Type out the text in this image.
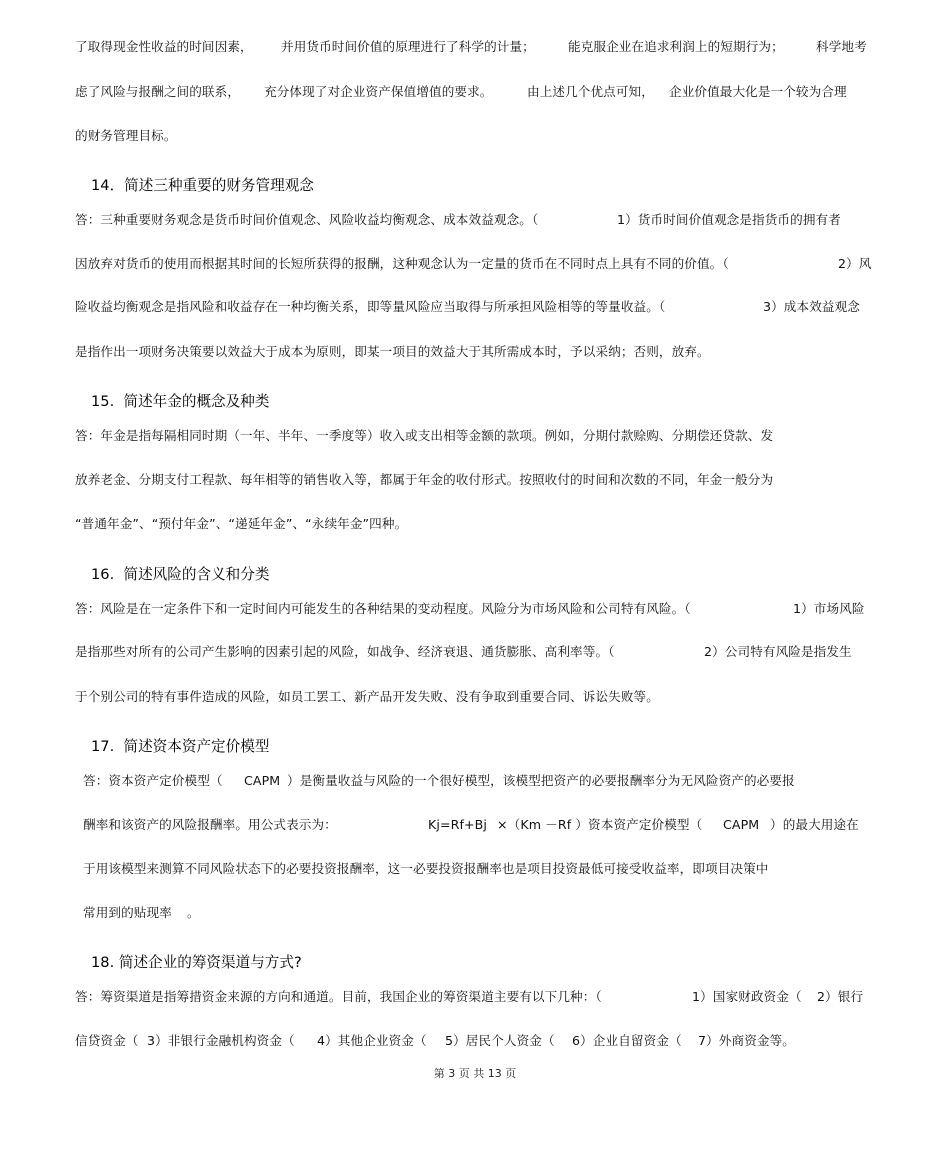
了取得现金性收益的时间因素，

并用货币时间价值的原理进行了科学的计量；

	能克服企业在追求利润上的短期行为；

	科学地考

虑了风险与报酬之间的联系，

充分体现了对企业资产保值增值的要求。

	由上述几个优点可知，

企业价值最大化是一个较为合理

的财务管理目标。

14．简述三种重要的财务管理观念

答：三种重要财务观念是货币时间价值观念、风险收益均衡观念、成本效益观念。（

	1）货币时间价值观念是指货币的拥有者

因放弃对货币的使用而根据其时间的长短所获得的报酬，这种观念认为一定量的货币在不同时点上具有不同的价值。（

	2）风

险收益均衡观念是指风险和收益存在一种均衡关系，即等量风险应当取得与所承担风险相等的等量收益。（

	3）成本效益观念

是指作出一项财务决策要以效益大于成本为原则，即某一项目的效益大于其所需成本时，予以采纳；否则，放弃。

15.  简述年金的概念及种类

答：年金是指每隔相同时期（一年、半年、一季度等）收入或支出相等金额的款项。例如，分期付款赊购、分期偿还贷款、发

放养老金、分期支付工程款、每年相等的销售收入等，都属于年金的收付形式。按照收付的时间和次数的不同，年金一般分为

“普通年金”、“预付年金”、“递延年金”、“永续年金”四种。

16.  简述风险的含义和分类

答：风险是在一定条件下和一定时间内可能发生的各种结果的变动程度。风险分为市场风险和公司特有风险。（

	1）市场风险

是指那些对所有的公司产生影响的因素引起的风险，如战争、经济衰退、通货膨胀、高利率等。（

	2）公司特有风险是指发生

于个别公司的特有事件造成的风险，如员工罢工、新产品开发失败、没有争取到重要合同、诉讼失败等。

17.  简述资本资产定价模型

答：资本资产定价模型（

CAPM

）是衡量收益与风险的一个很好模型，该模型把资产的必要报酬率分为无风险资产的必要报

酬率和该资产的风险报酬率。用公式表示为：

	Kj=Rf+Bj

×（Km －Rf ）资本资产定价模型（

CAPM

）的最大用途在

于用该模型来测算不同风险状态下的必要投资报酬率，这一必要投资报酬率也是项目投资最低可接受收益率，即项目决策中

常用到的贴现率

。

18. 简述企业的筹资渠道与方式?

答：筹资渠道是指筹措资金来源的方向和通道。目前，我国企业的筹资渠道主要有以下几种：（

	1）国家财政资金（

2）银行

信贷资金（

3）非银行金融机构资金（

4）其他企业资金（

5）居民个人资金（

6）企业自留资金（

7）外商资金等。

第 3 页 共 13 页
